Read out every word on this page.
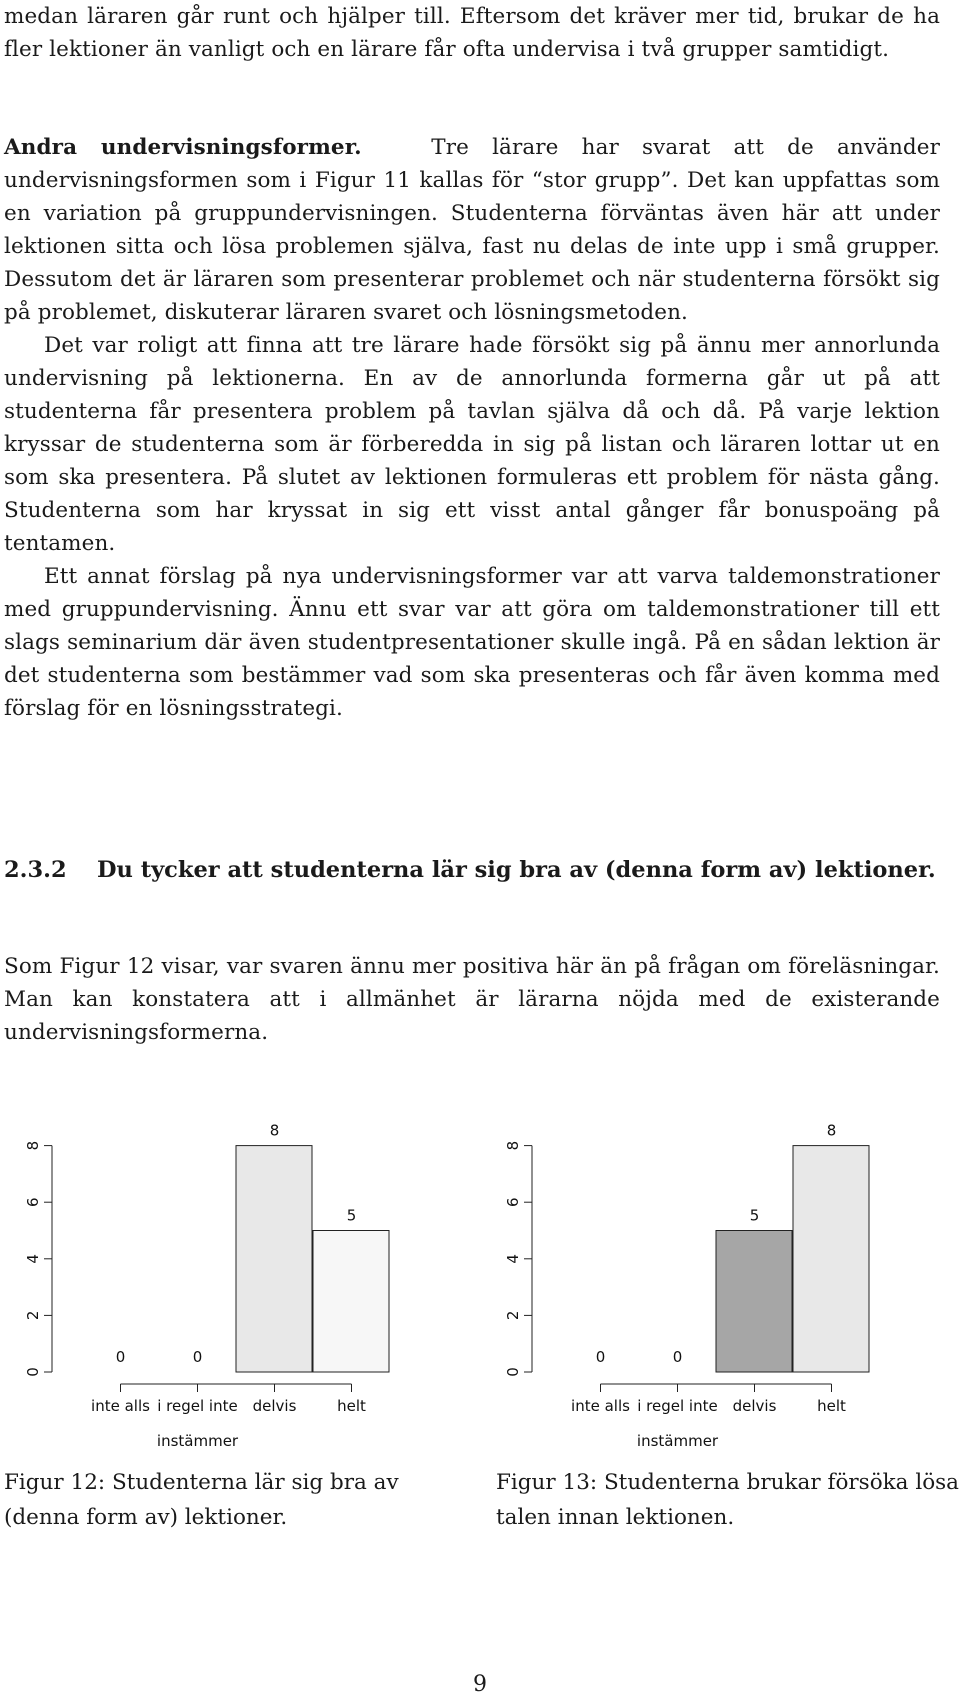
medan läraren går runt och hjälper till. Eftersom det kräver mer tid, brukar de ha fler lektioner än vanligt och en lärare får ofta undervisa i två grupper samtidigt.

Andra undervisningsformer.	Tre lärare har svarat att de använder undervisningsformen som i Figur 11 kallas för “stor grupp”. Det kan uppfattas som en variation på gruppundervisningen. Studenterna förväntas även här att under lektionen sitta och lösa problemen själva, fast nu delas de inte upp i små grupper. Dessutom det är läraren som presenterar problemet och när studenterna försökt sig på problemet, diskuterar läraren svaret och lösningsmetoden.

Det var roligt att finna att tre lärare hade försökt sig på ännu mer annorlunda undervisning på lektionerna. En av de annorlunda formerna går ut på att studenterna får presentera problem på tavlan själva då och då. På varje lektion kryssar de studenterna som är förberedda in sig på listan och läraren lottar ut en som ska presentera. På slutet av lektionen formuleras ett problem för nästa gång. Studenterna som har kryssat in sig ett visst antal gånger får bonuspoäng på tentamen.

Ett annat förslag på nya undervisningsformer var att varva taldemonstrationer med gruppundervisning. Ännu ett svar var att göra om taldemonstrationer till ett slags seminarium där även studentpresentationer skulle ingå. På en sådan lektion är det studenterna som bestämmer vad som ska presenteras och får även komma med förslag för en lösningsstrategi.

2.3.2	Du tycker att studenterna lär sig bra av (denna form av) lektioner.

Som Figur 12 visar, var svaren ännu mer positiva här än på frågan om föreläsningar. Man kan konstatera att i allmänhet är lärarna nöjda med de existerande undervisningsformerna.

0
2
4
6
8
0	0
8
5
inte alls i regel inte
instämmer
delvis	helt
0
2
4
6
8
0	0
5
8
inte alls i regel inte
instämmer
delvis	helt
Figur 12: Studenterna lär sig bra av (denna form av) lektioner.
Figur 13: Studenterna brukar försöka lösa talen innan lektionen.
9
